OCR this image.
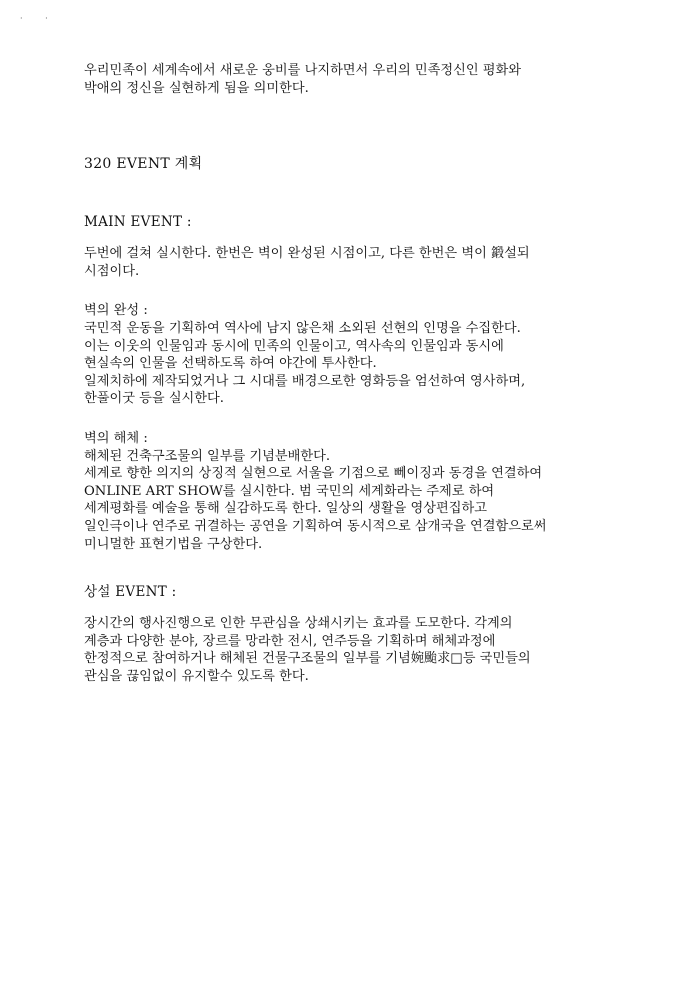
· ·

우리민족이 세계속에서 새로운 웅비를 나지하면서 우리의 민족정신인 평화와
박애의 정신을 실현하게 됨을 의미한다.

320 EVENT 계획
MAIN EVENT :

두번에 걸쳐 실시한다. 한번은 벽이 완성된 시점이고, 다른 한번은 벽이 鍛설되
시점이다.

벽의 완성 :

국민적 운동을 기획하여 역사에 남지 않은채 소외된 선현의 인명을 수집한다.
이는 이웃의 인물임과 동시에 민족의 인물이고, 역사속의 인물임과 동시에
현실속의 인물을 선택하도록 하여 야간에 투사한다.
일제치하에 제작되었거나 그 시대를 배경으로한 영화등을 엄선하여 영사하며,
한풀이굿 등을 실시한다.

벽의 해체 :

해체된 건축구조물의 일부를 기념분배한다.
세계로 향한 의지의 상징적 실현으로 서울을 기점으로 뻬이징과 동경을 연결하여
ONLINE ART SHOW를 실시한다. 범 국민의 세계화라는 주제로 하여
세계평화를 예술을 통해 실감하도록 한다. 일상의 생활을 영상편집하고
일인극이나 연주로 귀결하는 공연을 기획하여 동시적으로 삼개국을 연결함으로써
미니멀한 표현기법을 구상한다.

상설 EVENT :

장시간의 행사진행으로 인한 무관심을 상쇄시키는 효과를 도모한다. 각계의
계층과 다양한 분야, 장르를 망라한 전시, 연주등을 기획하며 해체과정에
한정적으로 참여하거나 해체된 건물구조물의 일부를 기념婉颱求□등 국민들의
관심을 끊임없이 유지할수 있도록 한다.
